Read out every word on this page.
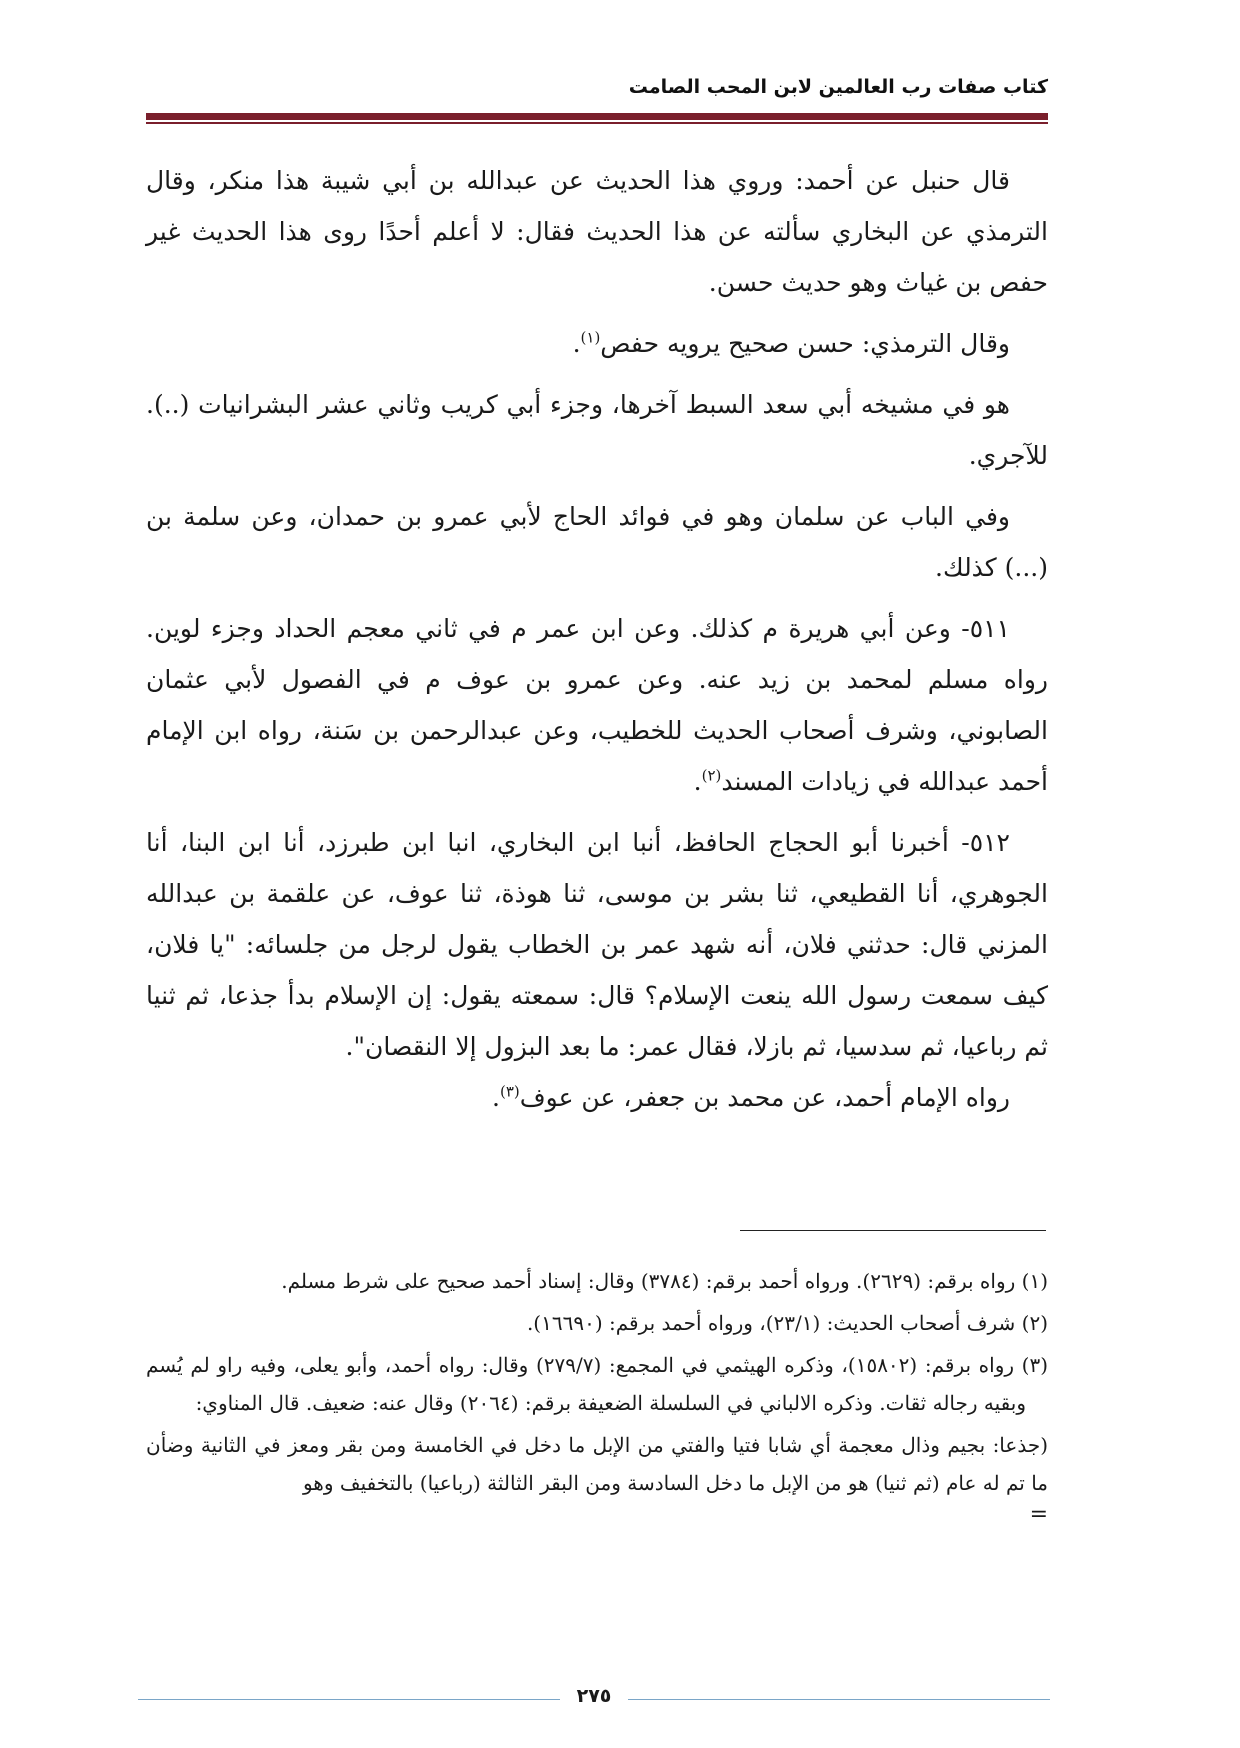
كتاب صفات رب العالمين لابن المحب الصامت

قال حنبل عن أحمد: وروي هذا الحديث عن عبدالله بن أبي شيبة هذا منكر، وقال الترمذي عن البخاري سألته عن هذا الحديث فقال: لا أعلم أحدًا روى هذا الحديث غير حفص بن غياث وهو حديث حسن.

وقال الترمذي: حسن صحيح يرويه حفص$^{(١)}$.

هو في مشيخه أبي سعد السبط آخرها، وجزء أبي كريب وثاني عشر البشرانيات (..). للآجري.

وفي الباب عن سلمان وهو في فوائد الحاج لأبي عمرو بن حمدان، وعن سلمة بن (...) كذلك.

٥١١- وعن أبي هريرة م كذلك. وعن ابن عمر م في ثاني معجم الحداد وجزء لوين. رواه مسلم لمحمد بن زيد عنه. وعن عمرو بن عوف م في الفصول لأبي عثمان الصابوني، وشرف أصحاب الحديث للخطيب، وعن عبدالرحمن بن سَنة، رواه ابن الإمام أحمد عبدالله في زيادات المسند$^{(٢)}$.

٥١٢- أخبرنا أبو الحجاج الحافظ، أنبا ابن البخاري، انبا ابن طبرزد، أنا ابن البنا، أنا الجوهري، أنا القطيعي، ثنا بشر بن موسى، ثنا هوذة، ثنا عوف، عن علقمة بن عبدالله المزني قال: حدثني فلان، أنه شهد عمر بن الخطاب يقول لرجل من جلسائه: "يا فلان، كيف سمعت رسول الله ينعت الإسلام؟ قال: سمعته يقول: إن الإسلام بدأ جذعا، ثم ثنيا ثم رباعيا، ثم سدسيا، ثم بازلا، فقال عمر: ما بعد البزول إلا النقصان".

رواه الإمام أحمد، عن محمد بن جعفر، عن عوف$^{(٣)}$.

(١) رواه برقم: (٢٦٢٩). ورواه أحمد برقم: (٣٧٨٤) وقال: إسناد أحمد صحيح على شرط مسلم.

(٢) شرف أصحاب الحديث: (٢٣/١)، ورواه أحمد برقم: (١٦٦٩٠).

(٣) رواه برقم: (١٥٨٠٢)، وذكره الهيثمي في المجمع: (٢٧٩/٧) وقال: رواه أحمد، وأبو يعلى، وفيه راو لم يُسم وبقيه رجاله ثقات. وذكره الالباني في السلسلة الضعيفة برقم: (٢٠٦٤) وقال عنه: ضعيف. قال المناوي:

(جذعا: بجيم وذال معجمة أي شابا فتيا والفتي من الإبل ما دخل في الخامسة ومن بقر ومعز في الثانية وضأن ما تم له عام (ثم ثنيا) هو من الإبل ما دخل السادسة ومن البقر الثالثة (رباعيا) بالتخفيف وهو

=

٢٧٥
